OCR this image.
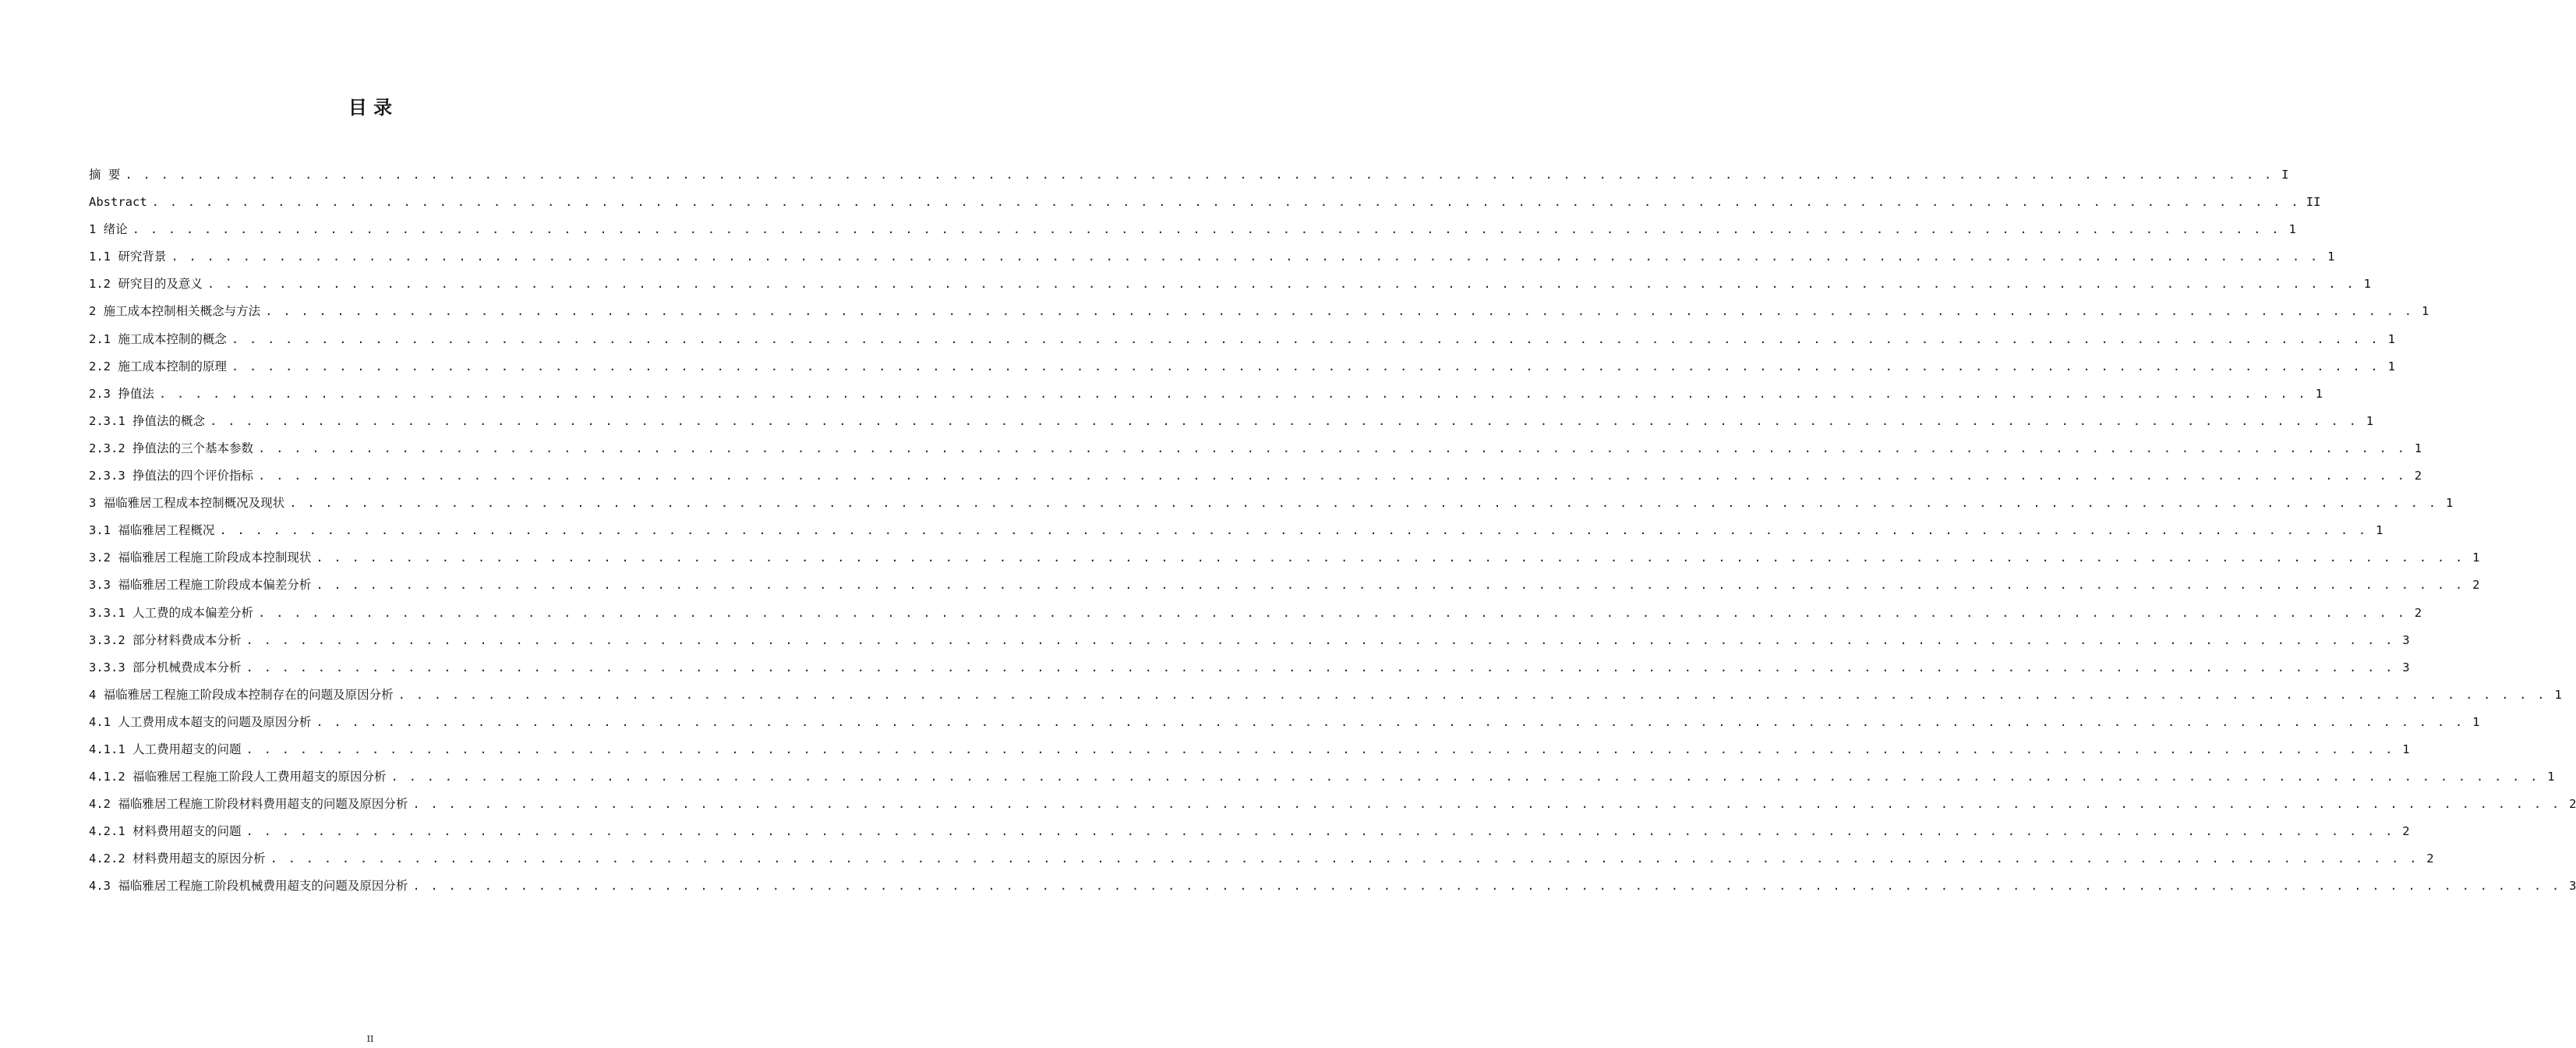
目 录
摘 要 . . . . . . . . . . . . . . . . . . . . . . . . . . . . . . . . . . . . . . . . . . . . . . . . . . . . . . . . . . . . . . . . . . . . . . . . . . . . . . . . . . . . . . . . . . . . . . . . . . . . . . . . . . . . . . . . . . . . . . . . I
Abstract . . . . . . . . . . . . . . . . . . . . . . . . . . . . . . . . . . . . . . . . . . . . . . . . . . . . . . . . . . . . . . . . . . . . . . . . . . . . . . . . . . . . . . . . . . . . . . . . . . . . . . . . . . . . . . . . . . . . . . . . II
1 绪论 . . . . . . . . . . . . . . . . . . . . . . . . . . . . . . . . . . . . . . . . . . . . . . . . . . . . . . . . . . . . . . . . . . . . . . . . . . . . . . . . . . . . . . . . . . . . . . . . . . . . . . . . . . . . . . . . . . . . . . . . 1
1.1 研究背景 . . . . . . . . . . . . . . . . . . . . . . . . . . . . . . . . . . . . . . . . . . . . . . . . . . . . . . . . . . . . . . . . . . . . . . . . . . . . . . . . . . . . . . . . . . . . . . . . . . . . . . . . . . . . . . . . . . . . . . . . 1
1.2 研究目的及意义 . . . . . . . . . . . . . . . . . . . . . . . . . . . . . . . . . . . . . . . . . . . . . . . . . . . . . . . . . . . . . . . . . . . . . . . . . . . . . . . . . . . . . . . . . . . . . . . . . . . . . . . . . . . . . . . . . . . . . . . . 1
2 施工成本控制相关概念与方法 . . . . . . . . . . . . . . . . . . . . . . . . . . . . . . . . . . . . . . . . . . . . . . . . . . . . . . . . . . . . . . . . . . . . . . . . . . . . . . . . . . . . . . . . . . . . . . . . . . . . . . . . . . . . . . . . . . . . . . . . 1
2.1 施工成本控制的概念 . . . . . . . . . . . . . . . . . . . . . . . . . . . . . . . . . . . . . . . . . . . . . . . . . . . . . . . . . . . . . . . . . . . . . . . . . . . . . . . . . . . . . . . . . . . . . . . . . . . . . . . . . . . . . . . . . . . . . . . . 1
2.2 施工成本控制的原理 . . . . . . . . . . . . . . . . . . . . . . . . . . . . . . . . . . . . . . . . . . . . . . . . . . . . . . . . . . . . . . . . . . . . . . . . . . . . . . . . . . . . . . . . . . . . . . . . . . . . . . . . . . . . . . . . . . . . . . . . 1
2.3 挣值法 . . . . . . . . . . . . . . . . . . . . . . . . . . . . . . . . . . . . . . . . . . . . . . . . . . . . . . . . . . . . . . . . . . . . . . . . . . . . . . . . . . . . . . . . . . . . . . . . . . . . . . . . . . . . . . . . . . . . . . . . 1
2.3.1 挣值法的概念 . . . . . . . . . . . . . . . . . . . . . . . . . . . . . . . . . . . . . . . . . . . . . . . . . . . . . . . . . . . . . . . . . . . . . . . . . . . . . . . . . . . . . . . . . . . . . . . . . . . . . . . . . . . . . . . . . . . . . . . . 1
2.3.2 挣值法的三个基本参数 . . . . . . . . . . . . . . . . . . . . . . . . . . . . . . . . . . . . . . . . . . . . . . . . . . . . . . . . . . . . . . . . . . . . . . . . . . . . . . . . . . . . . . . . . . . . . . . . . . . . . . . . . . . . . . . . . . . . . . . . 1
2.3.3 挣值法的四个评价指标 . . . . . . . . . . . . . . . . . . . . . . . . . . . . . . . . . . . . . . . . . . . . . . . . . . . . . . . . . . . . . . . . . . . . . . . . . . . . . . . . . . . . . . . . . . . . . . . . . . . . . . . . . . . . . . . . . . . . . . . . 2
3 福临雅居工程成本控制概况及现状 . . . . . . . . . . . . . . . . . . . . . . . . . . . . . . . . . . . . . . . . . . . . . . . . . . . . . . . . . . . . . . . . . . . . . . . . . . . . . . . . . . . . . . . . . . . . . . . . . . . . . . . . . . . . . . . . . . . . . . . . 1
3.1 福临雅居工程概况 . . . . . . . . . . . . . . . . . . . . . . . . . . . . . . . . . . . . . . . . . . . . . . . . . . . . . . . . . . . . . . . . . . . . . . . . . . . . . . . . . . . . . . . . . . . . . . . . . . . . . . . . . . . . . . . . . . . . . . . . 1
3.2 福临雅居工程施工阶段成本控制现状 . . . . . . . . . . . . . . . . . . . . . . . . . . . . . . . . . . . . . . . . . . . . . . . . . . . . . . . . . . . . . . . . . . . . . . . . . . . . . . . . . . . . . . . . . . . . . . . . . . . . . . . . . . . . . . . . . . . . . . . . 1
3.3 福临雅居工程施工阶段成本偏差分析 . . . . . . . . . . . . . . . . . . . . . . . . . . . . . . . . . . . . . . . . . . . . . . . . . . . . . . . . . . . . . . . . . . . . . . . . . . . . . . . . . . . . . . . . . . . . . . . . . . . . . . . . . . . . . . . . . . . . . . . . 2
3.3.1 人工费的成本偏差分析 . . . . . . . . . . . . . . . . . . . . . . . . . . . . . . . . . . . . . . . . . . . . . . . . . . . . . . . . . . . . . . . . . . . . . . . . . . . . . . . . . . . . . . . . . . . . . . . . . . . . . . . . . . . . . . . . . . . . . . . . 2
3.3.2 部分材料费成本分析 . . . . . . . . . . . . . . . . . . . . . . . . . . . . . . . . . . . . . . . . . . . . . . . . . . . . . . . . . . . . . . . . . . . . . . . . . . . . . . . . . . . . . . . . . . . . . . . . . . . . . . . . . . . . . . . . . . . . . . . . 3
3.3.3 部分机械费成本分析 . . . . . . . . . . . . . . . . . . . . . . . . . . . . . . . . . . . . . . . . . . . . . . . . . . . . . . . . . . . . . . . . . . . . . . . . . . . . . . . . . . . . . . . . . . . . . . . . . . . . . . . . . . . . . . . . . . . . . . . . 3
4 福临雅居工程施工阶段成本控制存在的问题及原因分析 . . . . . . . . . . . . . . . . . . . . . . . . . . . . . . . . . . . . . . . . . . . . . . . . . . . . . . . . . . . . . . . . . . . . . . . . . . . . . . . . . . . . . . . . . . . . . . . . . . . . . . . . . . . . . . . . . . . . . . . . 1
4.1 人工费用成本超支的问题及原因分析 . . . . . . . . . . . . . . . . . . . . . . . . . . . . . . . . . . . . . . . . . . . . . . . . . . . . . . . . . . . . . . . . . . . . . . . . . . . . . . . . . . . . . . . . . . . . . . . . . . . . . . . . . . . . . . . . . . . . . . . . 1
4.1.1 人工费用超支的问题 . . . . . . . . . . . . . . . . . . . . . . . . . . . . . . . . . . . . . . . . . . . . . . . . . . . . . . . . . . . . . . . . . . . . . . . . . . . . . . . . . . . . . . . . . . . . . . . . . . . . . . . . . . . . . . . . . . . . . . . . 1
4.1.2 福临雅居工程施工阶段人工费用超支的原因分析 . . . . . . . . . . . . . . . . . . . . . . . . . . . . . . . . . . . . . . . . . . . . . . . . . . . . . . . . . . . . . . . . . . . . . . . . . . . . . . . . . . . . . . . . . . . . . . . . . . . . . . . . . . . . . . . . . . . . . . . . 1
4.2 福临雅居工程施工阶段材料费用超支的问题及原因分析 . . . . . . . . . . . . . . . . . . . . . . . . . . . . . . . . . . . . . . . . . . . . . . . . . . . . . . . . . . . . . . . . . . . . . . . . . . . . . . . . . . . . . . . . . . . . . . . . . . . . . . . . . . . . . . . . . . . . . . . . 2
4.2.1 材料费用超支的问题 . . . . . . . . . . . . . . . . . . . . . . . . . . . . . . . . . . . . . . . . . . . . . . . . . . . . . . . . . . . . . . . . . . . . . . . . . . . . . . . . . . . . . . . . . . . . . . . . . . . . . . . . . . . . . . . . . . . . . . . . 2
4.2.2 材料费用超支的原因分析 . . . . . . . . . . . . . . . . . . . . . . . . . . . . . . . . . . . . . . . . . . . . . . . . . . . . . . . . . . . . . . . . . . . . . . . . . . . . . . . . . . . . . . . . . . . . . . . . . . . . . . . . . . . . . . . . . . . . . . . . 2
4.3 福临雅居工程施工阶段机械费用超支的问题及原因分析 . . . . . . . . . . . . . . . . . . . . . . . . . . . . . . . . . . . . . . . . . . . . . . . . . . . . . . . . . . . . . . . . . . . . . . . . . . . . . . . . . . . . . . . . . . . . . . . . . . . . . . . . . . . . . . . . . . . . . . . . 3
II
